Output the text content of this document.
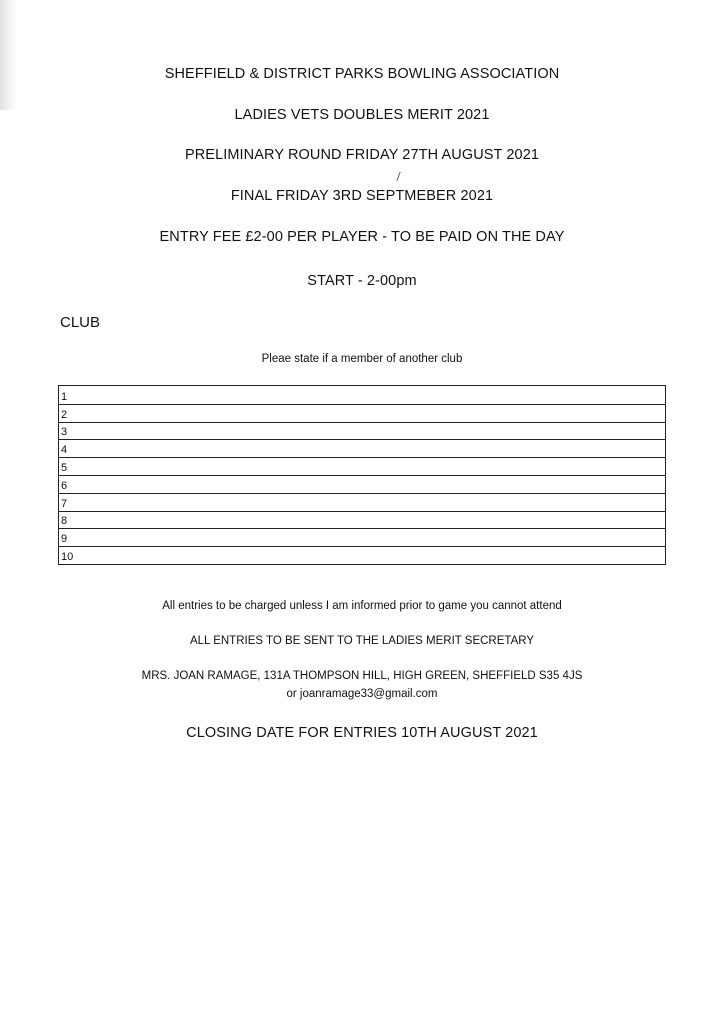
SHEFFIELD & DISTRICT PARKS BOWLING ASSOCIATION
LADIES VETS DOUBLES MERIT 2021
PRELIMINARY ROUND FRIDAY 27TH AUGUST 2021
FINAL FRIDAY 3RD SEPTMEBER 2021
ENTRY FEE £2-00 PER PLAYER - TO BE PAID ON THE DAY
START - 2-00pm
CLUB
Pleae state if a member of another club
1
2
3
4
5
6
7
8
9
10
All entries to be charged unless I am informed prior to game you cannot attend
ALL ENTRIES TO BE SENT TO THE LADIES MERIT SECRETARY
MRS. JOAN RAMAGE, 131A THOMPSON HILL, HIGH GREEN, SHEFFIELD S35 4JS
or joanramage33@gmail.com
CLOSING DATE FOR ENTRIES 10TH AUGUST 2021
